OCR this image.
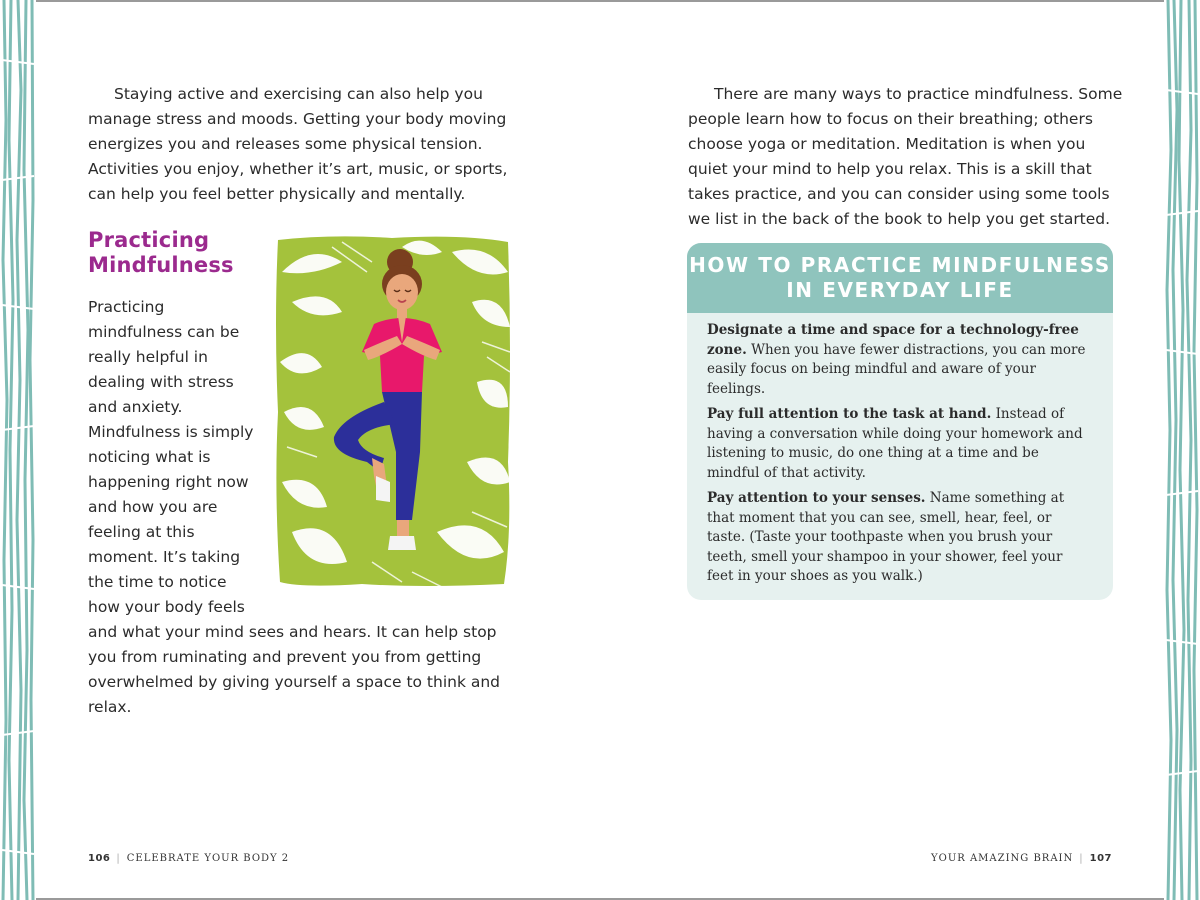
Staying active and exercising can also help you manage stress and moods. Getting your body moving energizes you and releases some physical tension. Activities you enjoy, whether it’s art, music, or sports, can help you feel better physically and mentally.

Practicing Mindfulness

Practicing mindfulness can be really helpful in dealing with stress and anxiety. Mindfulness is simply noticing what is happening right now and how you are feeling at this moment. It’s taking the time to notice how your body feels

and what your mind sees and hears. It can help stop you from ruminating and prevent you from getting overwhelmed by giving yourself a space to think and relax.

106 | CELEBRATE YOUR BODY 2

There are many ways to practice mindfulness. Some people learn how to focus on their breathing; others choose yoga or meditation. Meditation is when you quiet your mind to help you relax. This is a skill that takes practice, and you can consider using some tools we list in the back of the book to help you get started.

HOW TO PRACTICE MINDFULNESS
IN EVERYDAY LIFE
Designate a time and space for a technology-free zone. When you have fewer distractions, you can more easily focus on being mindful and aware of your feelings.
Pay full attention to the task at hand. Instead of having a conversation while doing your homework and listening to music, do one thing at a time and be mindful of that activity.
Pay attention to your senses. Name something at that moment that you can see, smell, hear, feel, or taste. (Taste your toothpaste when you brush your teeth, smell your shampoo in your shower, feel your feet in your shoes as you walk.)
YOUR AMAZING BRAIN | 107
